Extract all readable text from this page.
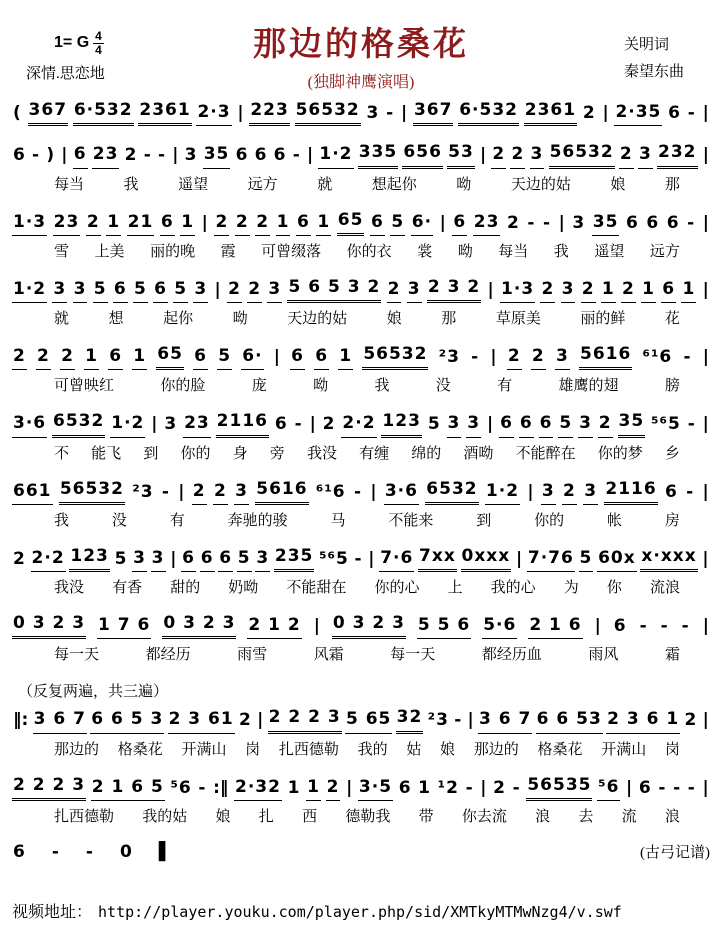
1= G $\frac{4}{4}$
深情.思恋地
那边的格桑花
(独脚神鹰演唱)
关明词
秦望东曲
( 367 6·532 2361 2·3 | 223 56532 3 - | 367 6·532 2361 2 | 2·35 6 - |
6 - ) | 6 23 2 - - | 3 35 6 6 6 - | 1·2 335 656 53 | 2 2 3 56532 2 3 232 |
每当	我	遥望	远方	就	想起你	呦	天边的姑	娘	那
1·3 23 2 1 21 6 1 | 2 2 2 1 6 1 65 6 5 6· | 6 23 2 - - | 3 35 6 6 6 - |
雪 上美 丽的晚 霞 可曾缀落 你的衣 裳 呦 每当 我 遥望 远方
1·2 3 3 5 6 5 6 5 3 | 2 2 3 5 6 5 3 2 2 3 2 3 2 | 1·3 2 3 2 1 2 1 6 1 |
就	想	起你	呦	天边的姑	娘	那	草原美	丽的鲜	花
2 2 2 1 6 1 65 6 5 6· | 6 6 1 56532 ²3 - | 2 2 3 5616 ⁶¹6 - |
可曾映红	你的脸	庞	呦	我	没	有	雄鹰的翅	膀
3·6 6532 1·2 | 3 23 2116 6 - | 2 2·2 123 5 3 3 | 6 6 6 5 3 2 35 ⁵⁶5 - |
不 能飞 到 你的 身 旁 我没 有缠 绵的 酒呦 不能醉在 你的梦 乡
661 56532 ²3 - | 2 2 3 5616 ⁶¹6 - | 3·6 6532 1·2 | 3 2 3 2116 6 - |
我	没	有	奔驰的骏	马	不能来	到	你的	帐	房
2 2·2 123 5 3 3 | 6 6 6 5 3 235 ⁵⁶5 - | 7·6 7xx 0xxx | 7·76 5 60x x·xxx |
我没 有香 甜的 奶呦 不能甜在 你的心 上 我的心 为 你 流浪
0 3 2 3 1 7 6 0 3 2 3 2 1 2 | 0 3 2 3 5 5 6 5·6 2 1 6 | 6 - - - |
每一天	都经历	雨雪	风霜	每一天	都经历血	雨风	霜
（反复两遍，共三遍）
‖: 3 6 7 6 6 5 3 2 3 61 2 | 2 2 2 3 5 65 32 ²3 - | 3 6 7 6 6 53 2 3 6 1 2 |
那边的 格桑花 开满山 岗 扎西德勒 我的 姑 娘 那边的 格桑花 开满山 岗
2 2 2 3 2 1 6 5 ⁵6 - :‖ 2·32 1 1 2 | 3·5 6 1 ¹2 - | 2 - 56535 ⁵6 | 6 - - - |
扎西德勒 我的姑 娘 扎 西 德勒我 带 你去流 浪 去 流 浪
6 - - 0 ▌	(古弓记谱)
视频地址： http://player.youku.com/player.php/sid/XMTkyMTMwNzg4/v.swf
